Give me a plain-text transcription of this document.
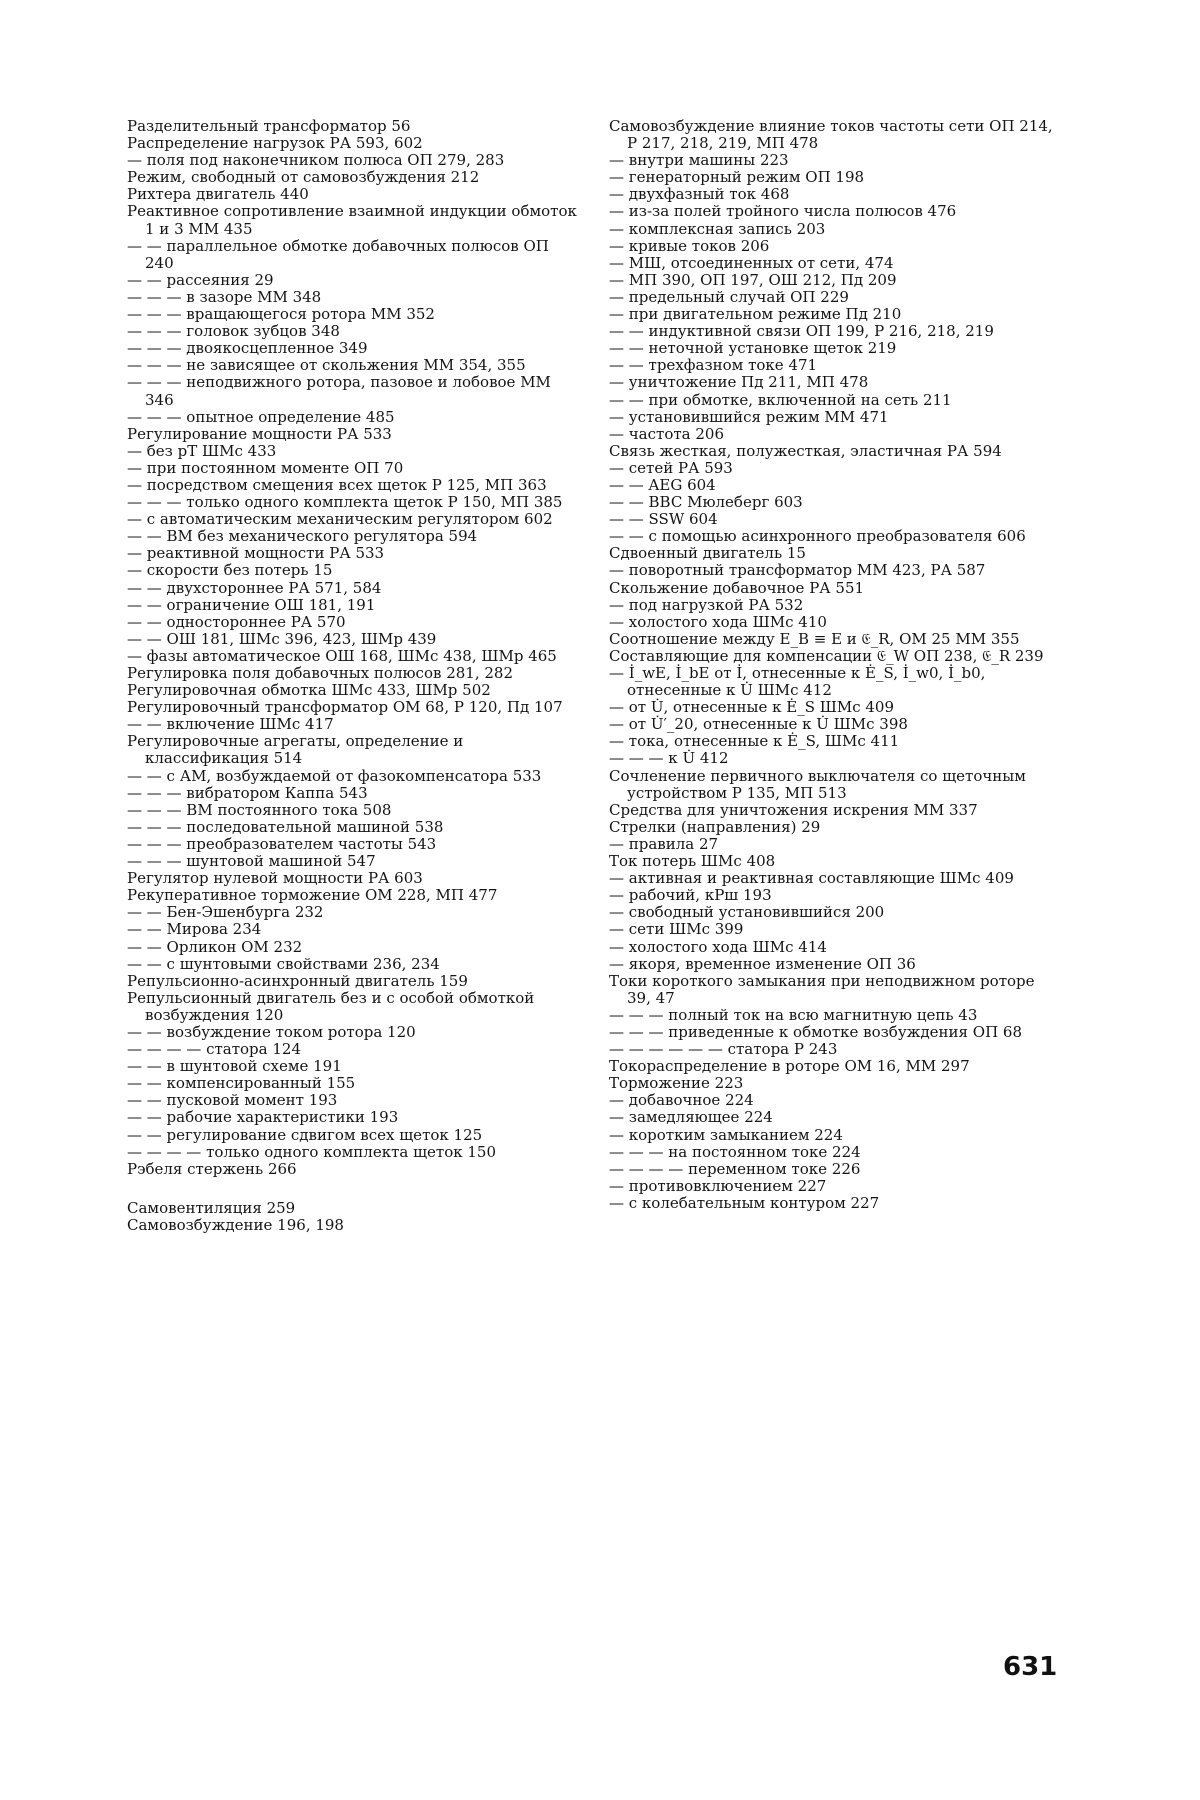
Разделительный трансформатор 56
Распределение нагрузок РА 593, 602
— поля под наконечником полюса ОП 279, 283
Режим, свободный от самовозбуждения 212
Рихтера двигатель 440
Реактивное сопротивление взаимной индукции обмоток 1 и 3 ММ 435
— — параллельное обмотке добавочных полюсов ОП 240
— — рассеяния 29
— — — в зазоре ММ 348
— — — вращающегося ротора ММ 352
— — — головок зубцов 348
— — — двоякосцепленное 349
— — — не зависящее от скольжения ММ 354, 355
— — — неподвижного ротора, пазовое и лобовое ММ 346
— — — опытное определение 485
Регулирование мощности РА 533
— без рТ ШМс 433
— при постоянном моменте ОП 70
— посредством смещения всех щеток Р 125, МП 363
— — — только одного комплекта щеток Р 150, МП 385
— с автоматическим механическим регулятором 602
— — ВМ без механического регулятора 594
— реактивной мощности РА 533
— скорости без потерь 15
— — двухстороннее РА 571, 584
— — ограничение ОШ 181, 191
— — одностороннее РА 570
— — ОШ 181, ШМс 396, 423, ШМр 439
— фазы автоматическое ОШ 168, ШМс 438, ШМр 465
Регулировка поля добавочных полюсов 281, 282
Регулировочная обмотка ШМс 433, ШМр 502
Регулировочный трансформатор ОМ 68, Р 120, Пд 107
— — включение ШМс 417
Регулировочные агрегаты, определение и классификация 514
— — с АМ, возбуждаемой от фазокомпенсатора 533
— — — вибратором Каппа 543
— — — ВМ постоянного тока 508
— — — последовательной машиной 538
— — — преобразователем частоты 543
— — — шунтовой машиной 547
Регулятор нулевой мощности РА 603
Рекуперативное торможение ОМ 228, МП 477
— — Бен-Эшенбурга 232
— — Мирова 234
— — Орликон ОМ 232
— — с шунтовыми свойствами 236, 234
Репульсионно-асинхронный двигатель 159
Репульсионный двигатель без и с особой обмоткой возбуждения 120
— — возбуждение током ротора 120
— — — — статора 124
— — в шунтовой схеме 191
— — компенсированный 155
— — пусковой момент 193
— — рабочие характеристики 193
— — регулирование сдвигом всех щеток 125
— — — — только одного комплекта щеток 150
Рэбеля стержень 266
Самовентиляция 259
Самовозбуждение 196, 198
Самовозбуждение влияние токов частоты сети ОП 214, Р 217, 218, 219, МП 478
— внутри машины 223
— генераторный режим ОП 198
— двухфазный ток 468
— из-за полей тройного числа полюсов 476
— комплексная запись 203
— кривые токов 206
— МШ, отсоединенных от сети, 474
— МП 390, ОП 197, ОШ 212, Пд 209
— предельный случай ОП 229
— при двигательном режиме Пд 210
— — индуктивной связи ОП 199, Р 216, 218, 219
— — неточной установке щеток 219
— — трехфазном токе 471
— уничтожение Пд 211, МП 478
— — при обмотке, включенной на сеть 211
— установившийся режим ММ 471
— частота 206
Связь жесткая, полужесткая, эластичная РА 594
— сетей РА 593
— — AEG 604
— — BBC Мюлеберг 603
— — SSW 604
— — с помощью асинхронного преобразователя 606
Сдвоенный двигатель 15
— поворотный трансформатор ММ 423, РА 587
Скольжение добавочное РА 551
— под нагрузкой РА 532
— холостого хода ШМс 410
Соотношение между E_B ≡ E и 𝔈_R, ОМ 25 ММ 355
Составляющие для компенсации 𝔈_W ОП 238, 𝔈_R 239
— İ_wE, İ_bE от İ, отнесенные к Ė_S, İ_w0, İ_b0, отнесенные к U̇ ШМс 412
— от U̇, отнесенные к Ė_S ШМс 409
— от U̇′_20, отнесенные к U̇ ШМс 398
— тока, отнесенные к Ė_S, ШМс 411
— — — к U̇ 412
Сочленение первичного выключателя со щеточным устройством Р 135, МП 513
Средства для уничтожения искрения ММ 337
Стрелки (направления) 29
— правила 27
Ток потерь ШМс 408
— активная и реактивная составляющие ШМс 409
— рабочий, кРш 193
— свободный установившийся 200
— сети ШМс 399
— холостого хода ШМс 414
— якоря, временное изменение ОП 36
Токи короткого замыкания при неподвижном роторе 39, 47
— — — полный ток на всю магнитную цепь 43
— — — приведенные к обмотке возбуждения ОП 68
— — — — — — статора Р 243
Токораспределение в роторе ОМ 16, ММ 297
Торможение 223
— добавочное 224
— замедляющее 224
— коротким замыканием 224
— — — на постоянном токе 224
— — — — переменном токе 226
— противовключением 227
— с колебательным контуром 227
631
